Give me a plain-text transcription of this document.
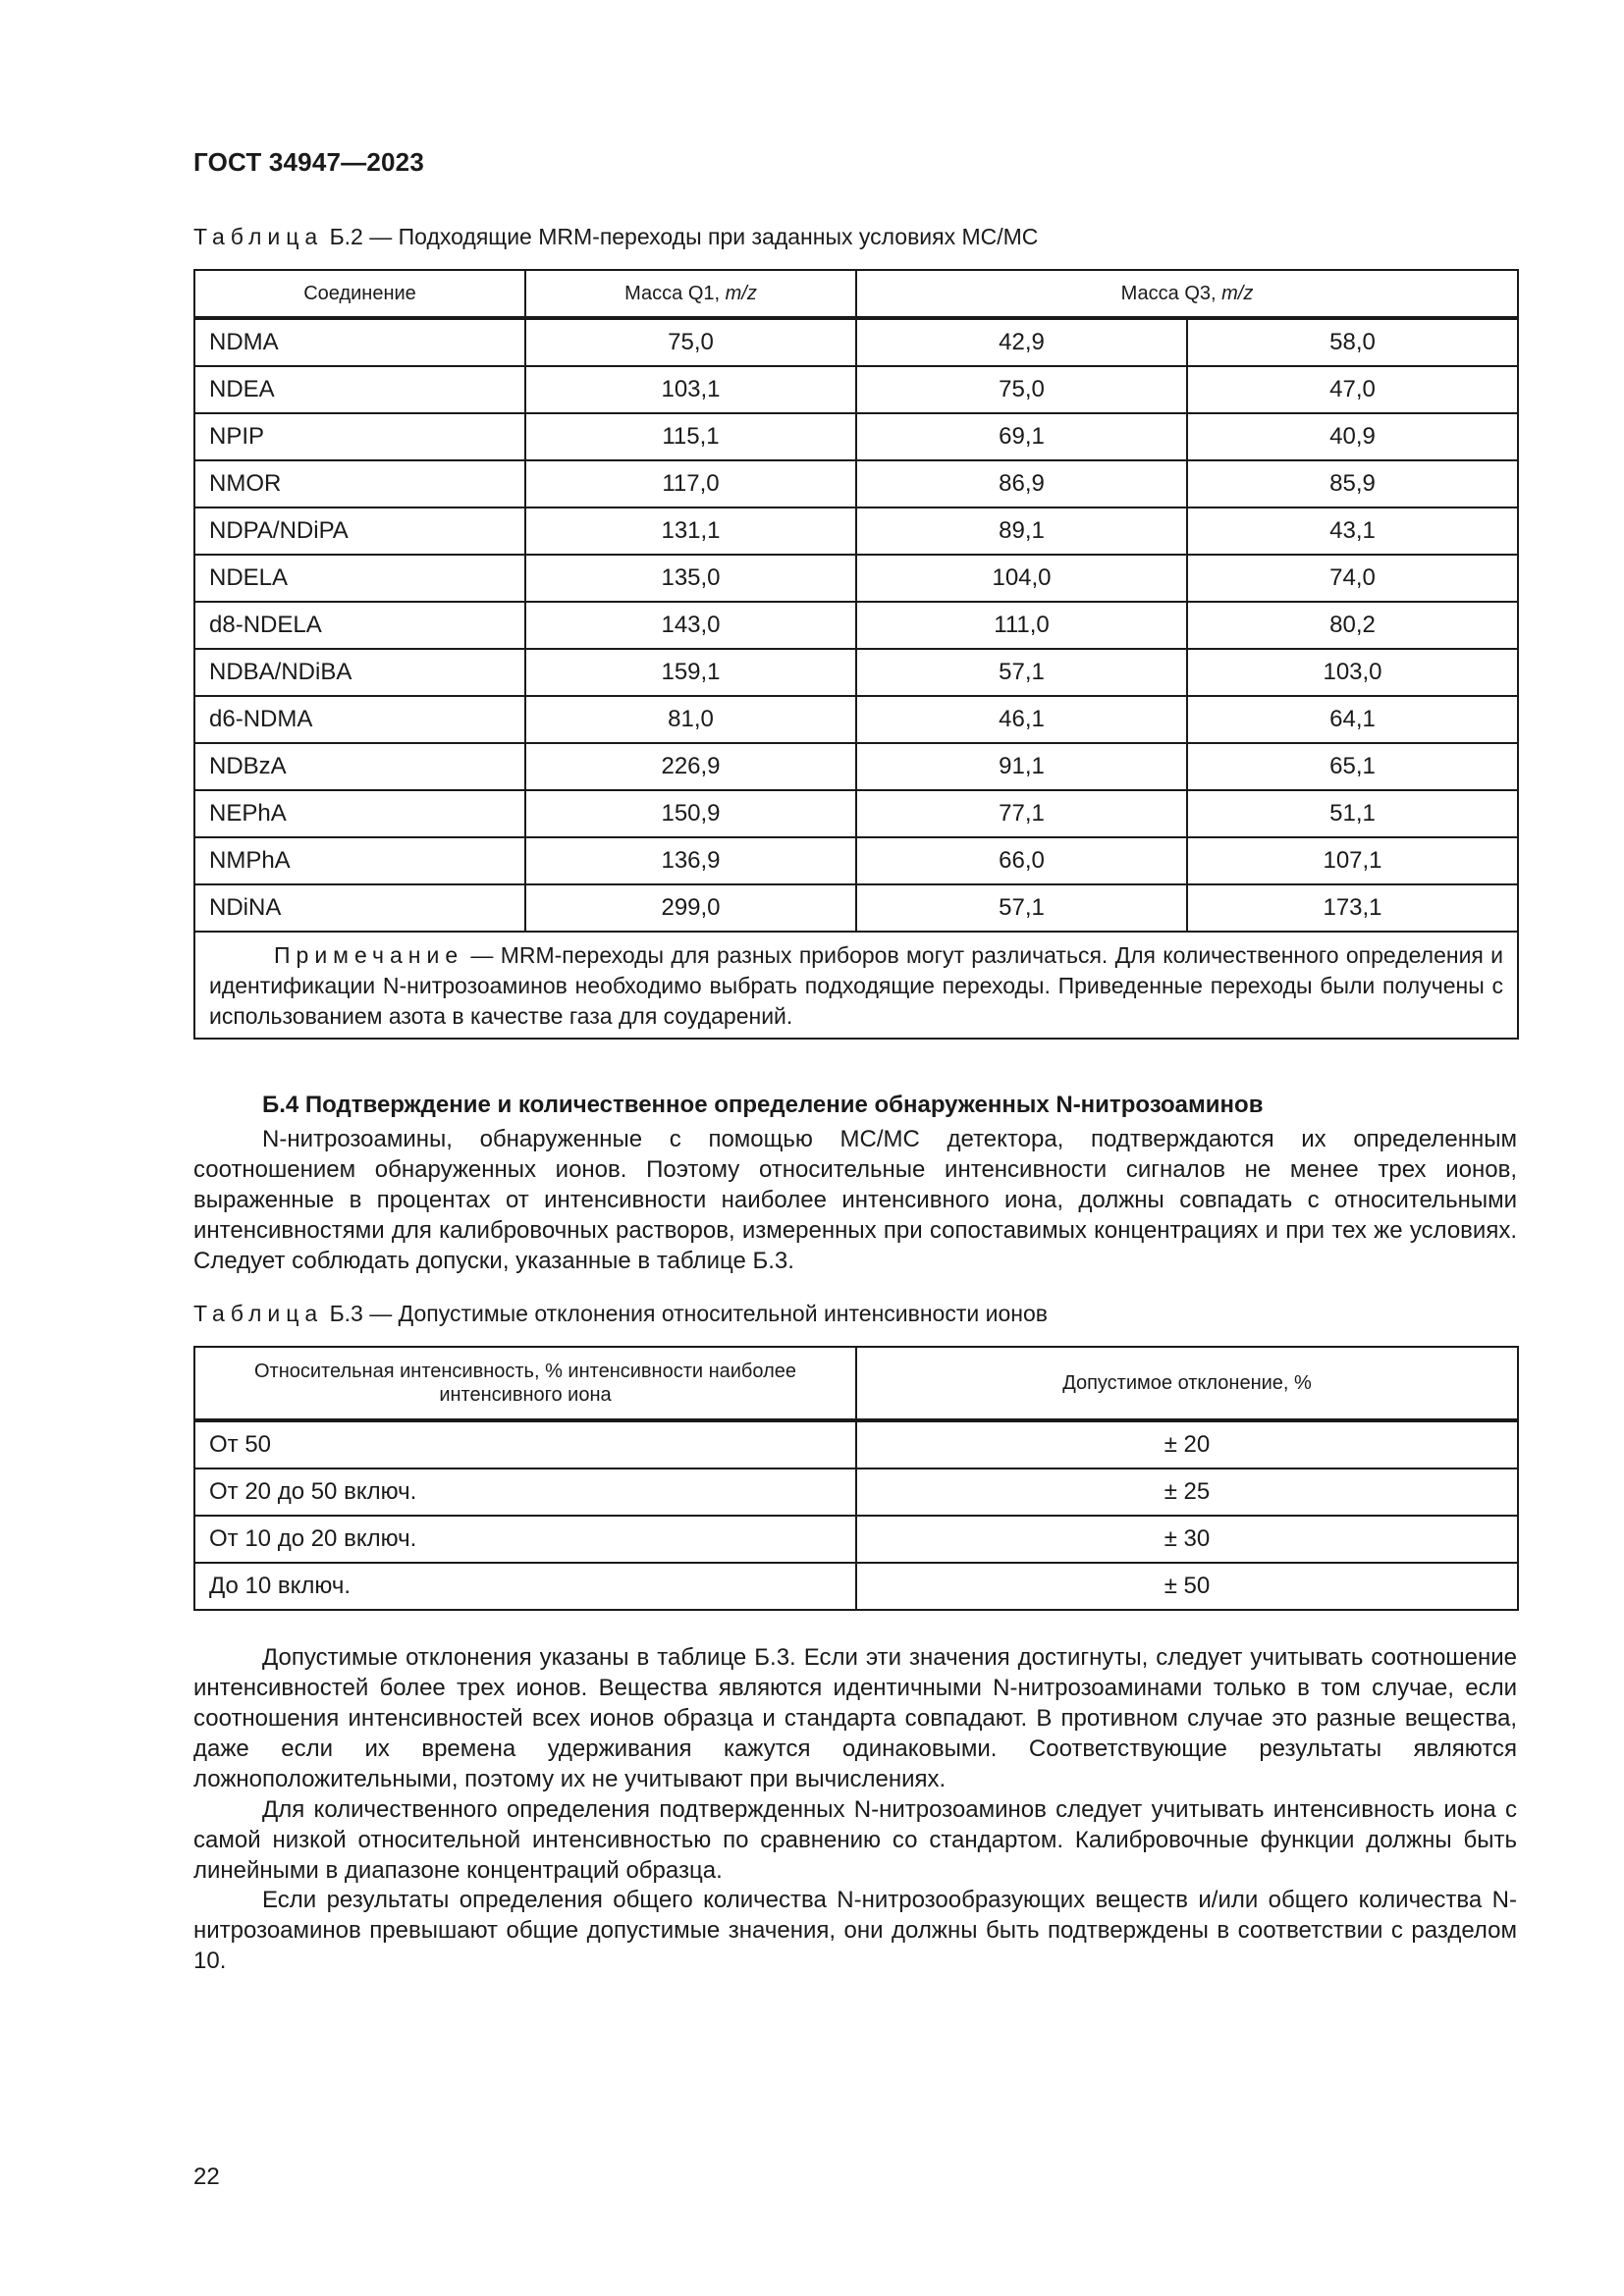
ГОСТ 34947—2023
Таблица Б.2 — Подходящие MRM-переходы при заданных условиях МС/МС
Соединение	Масса Q1, m/z	Масса Q3, m/z	
NDMA	75,0	42,9	58,0
NDEA	103,1	75,0	47,0
NPIP	115,1	69,1	40,9
NMOR	117,0	86,9	85,9
NDPA/NDiPA	131,1	89,1	43,1
NDELA	135,0	104,0	74,0
d8-NDELA	143,0	111,0	80,2
NDBA/NDiBA	159,1	57,1	103,0
d6-NDMA	81,0	46,1	64,1
NDBzA	226,9	91,1	65,1
NEPhA	150,9	77,1	51,1
NMPhA	136,9	66,0	107,1
NDiNA	299,0	57,1	173,1
Примечание — MRM-переходы для разных приборов могут различаться. Для количественного определения и идентификации N-нитрозоаминов необходимо выбрать подходящие переходы. Приведенные переходы были получены с использованием азота в качестве газа для соударений.			
Б.4 Подтверждение и количественное определение обнаруженных N-нитрозоаминов

N-нитрозоамины, обнаруженные с помощью МС/МС детектора, подтверждаются их определенным соотношением обнаруженных ионов. Поэтому относительные интенсивности сигналов не менее трех ионов, выраженные в процентах от интенсивности наиболее интенсивного иона, должны совпадать с относительными интенсивностями для калибровочных растворов, измеренных при сопоставимых концентрациях и при тех же условиях. Следует соблюдать допуски, указанные в таблице Б.3.

Таблица Б.3 — Допустимые отклонения относительной интенсивности ионов
Относительная интенсивность, % интенсивности наиболее интенсивного иона	Допустимое отклонение, %
От 50	± 20
От 20 до 50 включ.	± 25
От 10 до 20 включ.	± 30
До 10 включ.	± 50

Допустимые отклонения указаны в таблице Б.3. Если эти значения достигнуты, следует учитывать соотношение интенсивностей более трех ионов. Вещества являются идентичными N-нитрозоаминами только в том случае, если соотношения интенсивностей всех ионов образца и стандарта совпадают. В противном случае это разные вещества, даже если их времена удерживания кажутся одинаковыми. Соответствующие результаты являются ложноположительными, поэтому их не учитывают при вычислениях.

Для количественного определения подтвержденных N-нитрозоаминов следует учитывать интенсивность иона с самой низкой относительной интенсивностью по сравнению со стандартом. Калибровочные функции должны быть линейными в диапазоне концентраций образца.

Если результаты определения общего количества N-нитрозообразующих веществ и/или общего количества N-нитрозоаминов превышают общие допустимые значения, они должны быть подтверждены в соответствии с разделом 10.

22
